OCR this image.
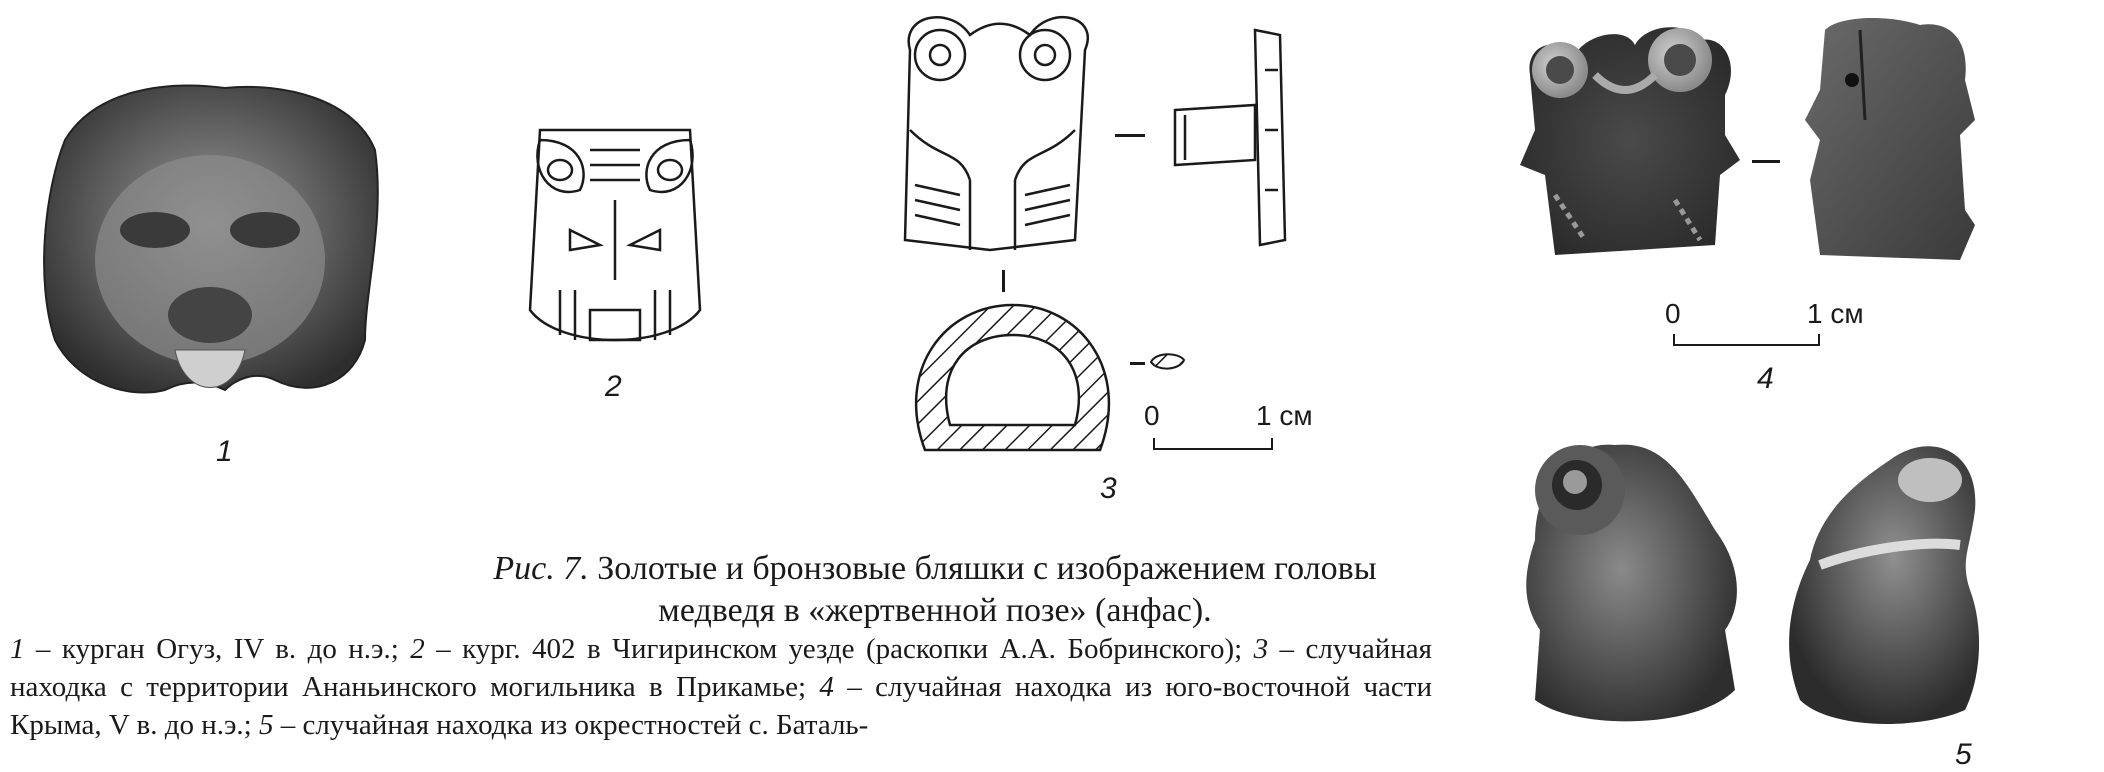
0	1 см
0	1 см
1
2
3
4
5
Рис. 7. Золотые и бронзовые бляшки с изображением головы медведя в «жертвенной позе» (анфас).
1 – курган Огуз, IV в. до н.э.; 2 – кург. 402 в Чигиринском уезде (раскопки А.А. Бобринского); 3 – случайная находка с территории Ананьинского могильника в Прикамье; 4 – случайная находка из юго-восточной части Крыма, V в. до н.э.; 5 – случайная находка из окрестностей с. Баталь-
